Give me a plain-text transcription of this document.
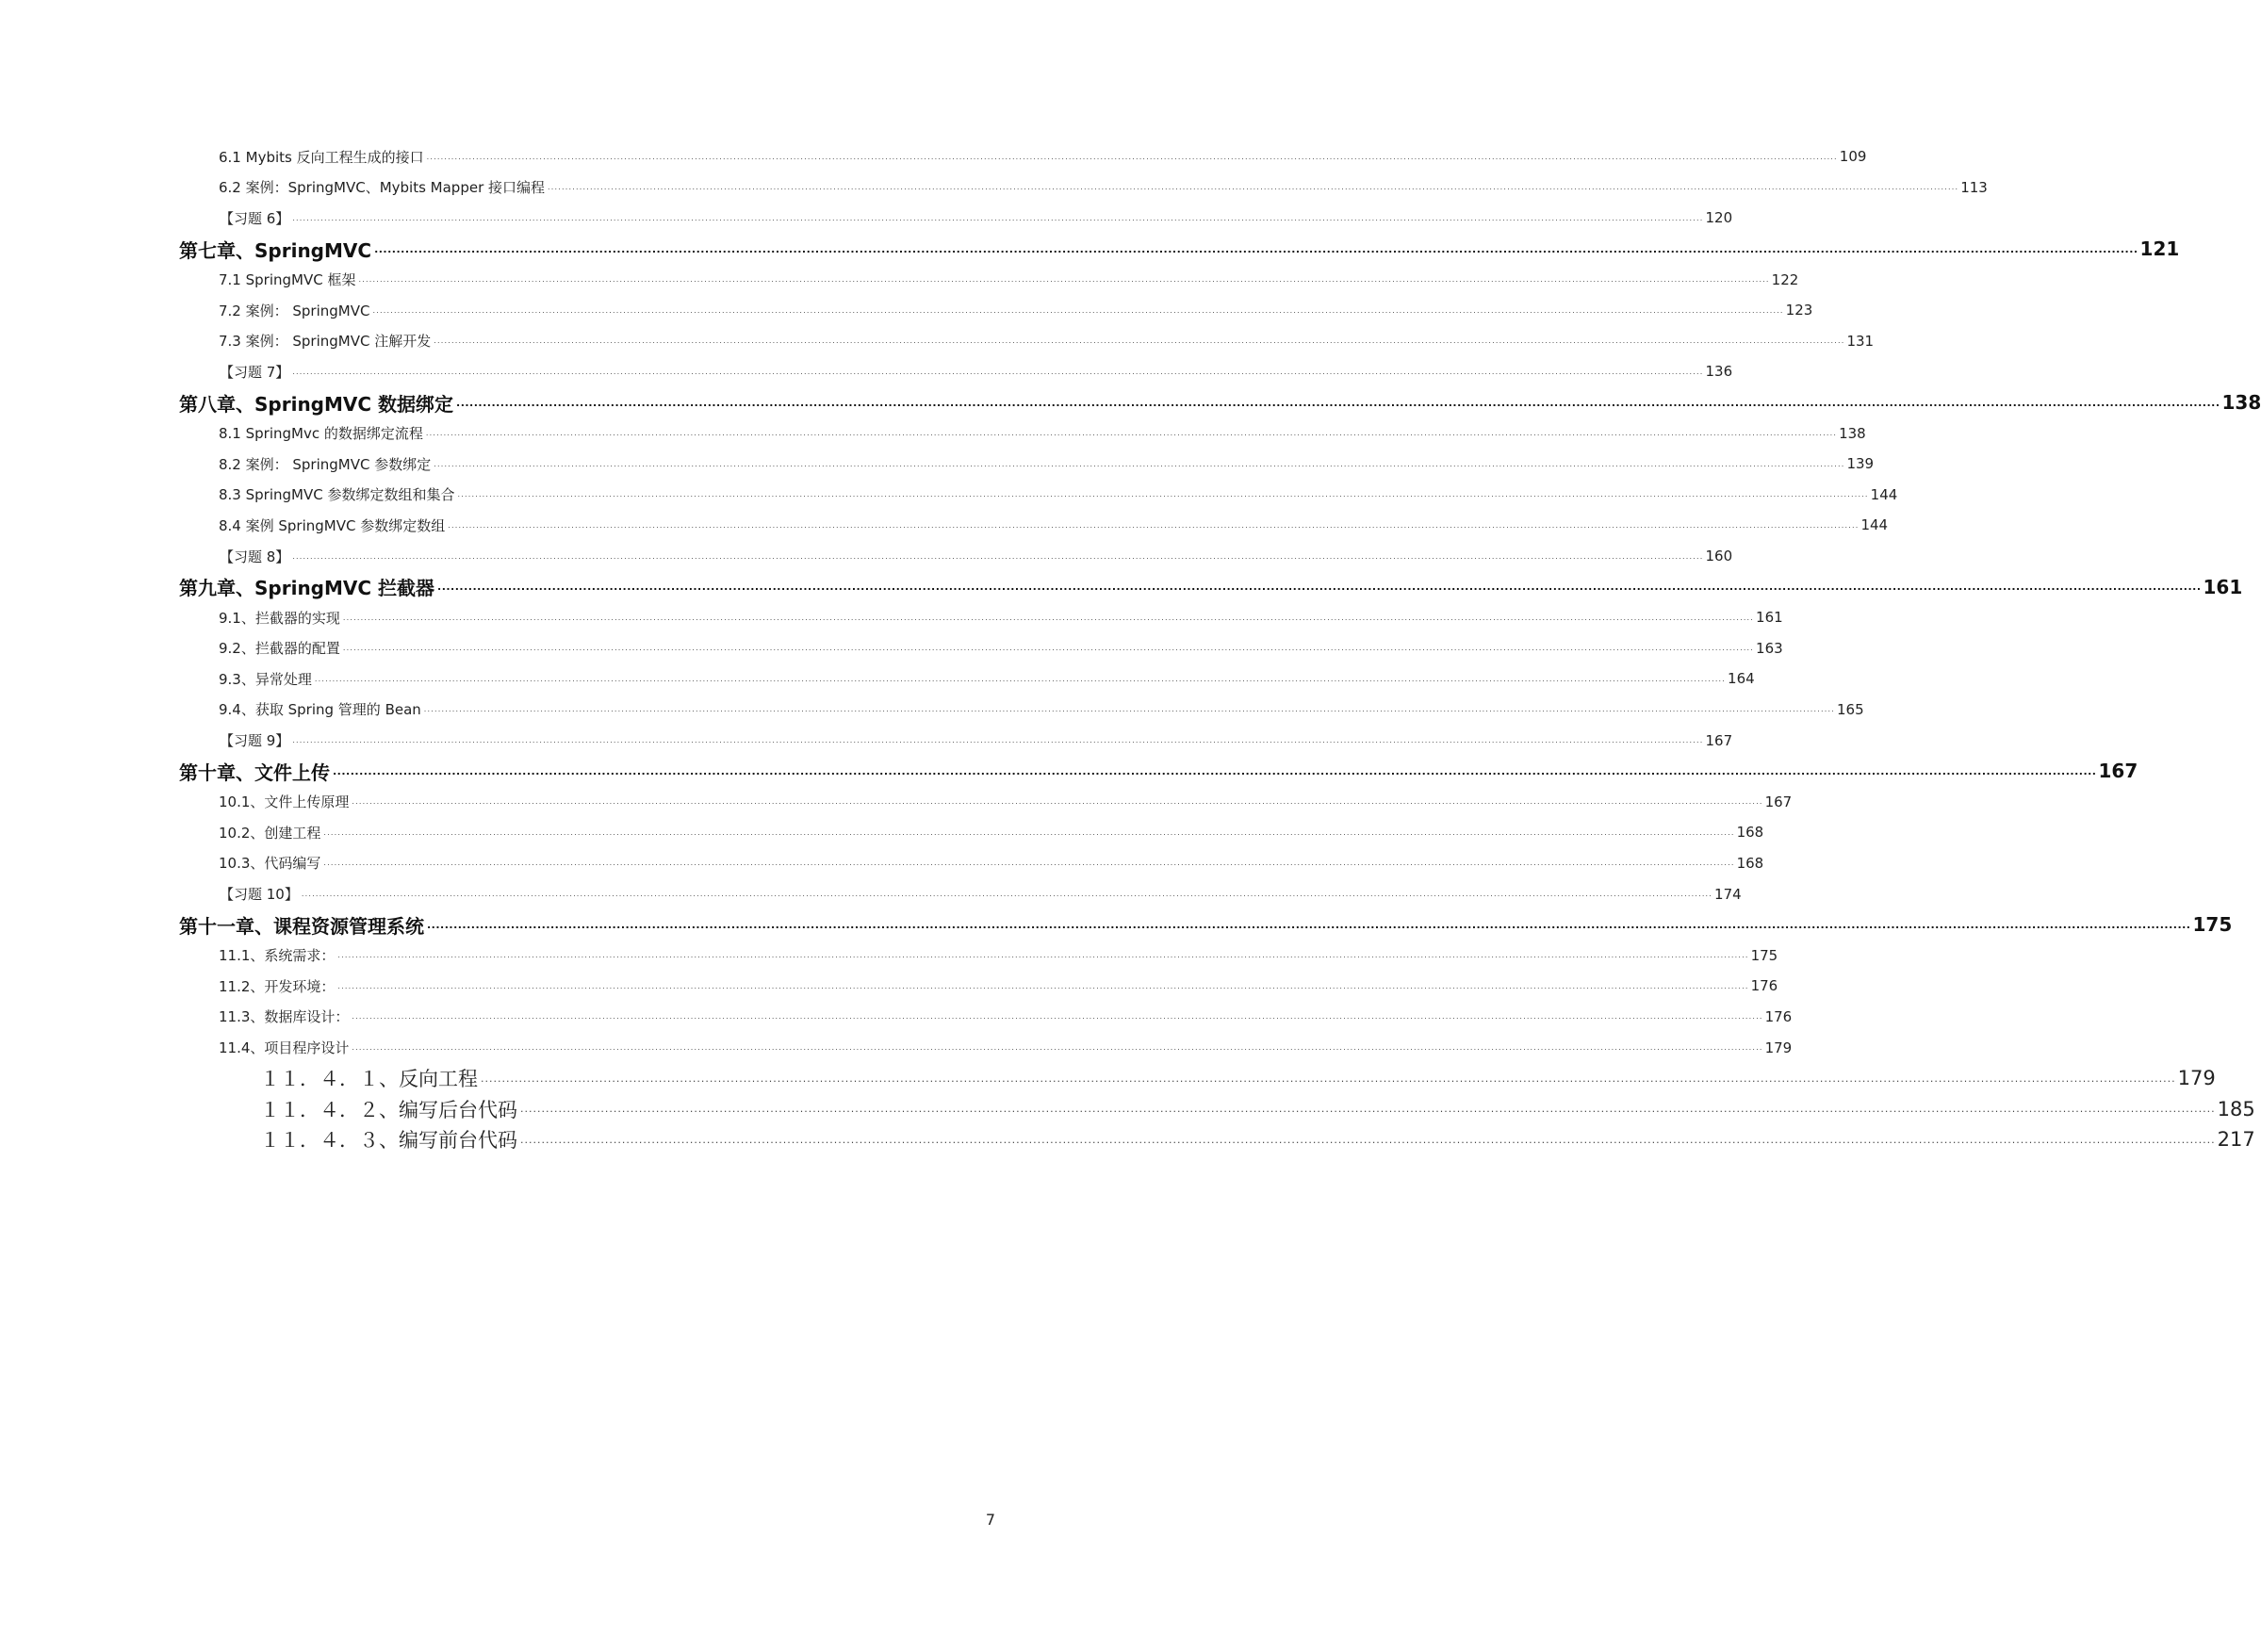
6.1 Mybits 反向工程生成的接口 ................................................................................................................................................................................................................................................................................................................................................................................................................ 109
6.2 案例：SpringMVC、Mybits Mapper 接口编程 ................................................................................................................................................................................................................................................................................................................................................................................................................ 113
【习题 6】 ................................................................................................................................................................................................................................................................................................................................................................................................................ 120
第七章、SpringMVC ................................................................................................................................................................................................................................................................................................................................................................................................................ 121
7.1 SpringMVC 框架 ................................................................................................................................................................................................................................................................................................................................................................................................................ 122
7.2 案例： SpringMVC ................................................................................................................................................................................................................................................................................................................................................................................................................ 123
7.3 案例： SpringMVC 注解开发 ................................................................................................................................................................................................................................................................................................................................................................................................................ 131
【习题 7】 ................................................................................................................................................................................................................................................................................................................................................................................................................ 136
第八章、SpringMVC 数据绑定 ................................................................................................................................................................................................................................................................................................................................................................................................................ 138
8.1 SpringMvc 的数据绑定流程 ................................................................................................................................................................................................................................................................................................................................................................................................................ 138
8.2 案例： SpringMVC 参数绑定 ................................................................................................................................................................................................................................................................................................................................................................................................................ 139
8.3 SpringMVC 参数绑定数组和集合 ................................................................................................................................................................................................................................................................................................................................................................................................................ 144
8.4 案例 SpringMVC 参数绑定数组 ................................................................................................................................................................................................................................................................................................................................................................................................................ 144
【习题 8】 ................................................................................................................................................................................................................................................................................................................................................................................................................ 160
第九章、SpringMVC 拦截器 ................................................................................................................................................................................................................................................................................................................................................................................................................ 161
9.1、拦截器的实现 ................................................................................................................................................................................................................................................................................................................................................................................................................ 161
9.2、拦截器的配置 ................................................................................................................................................................................................................................................................................................................................................................................................................ 163
9.3、异常处理 ................................................................................................................................................................................................................................................................................................................................................................................................................ 164
9.4、获取 Spring 管理的 Bean ................................................................................................................................................................................................................................................................................................................................................................................................................ 165
【习题 9】 ................................................................................................................................................................................................................................................................................................................................................................................................................ 167
第十章、文件上传 ................................................................................................................................................................................................................................................................................................................................................................................................................ 167
10.1、文件上传原理 ................................................................................................................................................................................................................................................................................................................................................................................................................ 167
10.2、创建工程 ................................................................................................................................................................................................................................................................................................................................................................................................................ 168
10.3、代码编写 ................................................................................................................................................................................................................................................................................................................................................................................................................ 168
【习题 10】 ................................................................................................................................................................................................................................................................................................................................................................................................................ 174
第十一章、课程资源管理系统 ................................................................................................................................................................................................................................................................................................................................................................................................................ 175
11.1、系统需求： ................................................................................................................................................................................................................................................................................................................................................................................................................ 175
11.2、开发环境： ................................................................................................................................................................................................................................................................................................................................................................................................................ 176
11.3、数据库设计： ................................................................................................................................................................................................................................................................................................................................................................................................................ 176
11.4、项目程序设计 ................................................................................................................................................................................................................................................................................................................................................................................................................ 179
１１．４．１、反向工程 ................................................................................................................................................................................................................................................................................................................................................................................................................ 179
１１．４．２、编写后台代码 ................................................................................................................................................................................................................................................................................................................................................................................................................ 185
１１．４．３、编写前台代码 ................................................................................................................................................................................................................................................................................................................................................................................................................ 217
7
